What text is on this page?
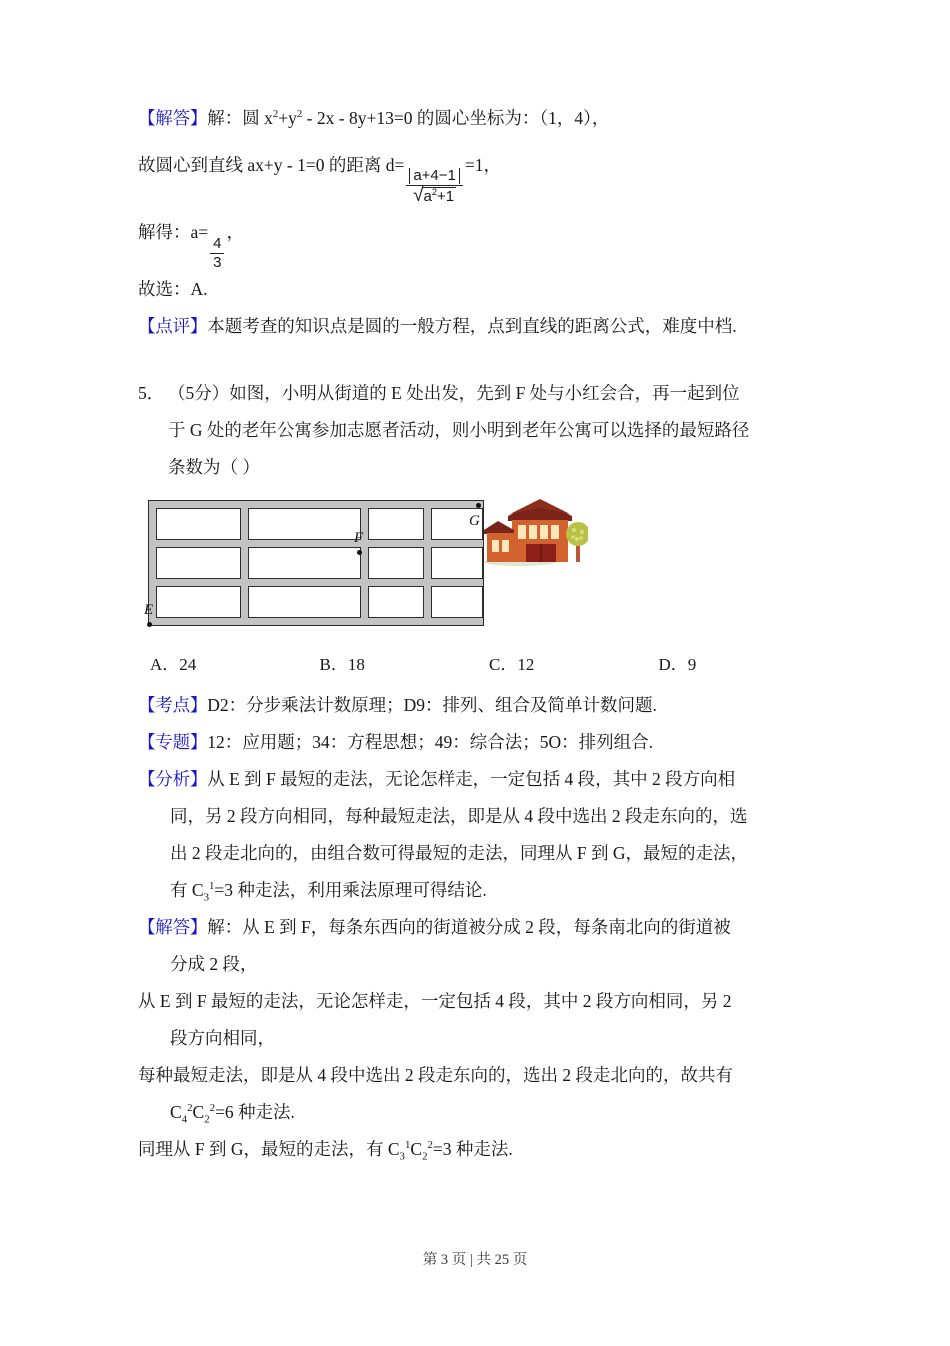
【解答】解：圆 $x^2+y^2 - 2x - 8y+13=0$ 的圆心坐标为：（1，4），
故圆心到直线 ax+y - 1=0 的距离 d=
$\frac{a+4-1}{√ a^2+1}$
=1，
解得：a=
$\frac{4}{3}$
，
故选：A.
【点评】本题考查的知识点是圆的一般方程，点到直线的距离公式，难度中档.
5． （5分）如图，小明从街道的 E 处出发，先到 F 处与小红会合，再一起到位
于 G 处的老年公寓参加志愿者活动，则小明到老年公寓可以选择的最短路径
条数为（ ）
E
F
G
A．24	B．18	C．12	D．9
【考点】D2：分步乘法计数原理；D9：排列、组合及简单计数问题.
【专题】12：应用题；34：方程思想；49：综合法；5O：排列组合.
【分析】从 E 到 F 最短的走法，无论怎样走，一定包括 4 段，其中 2 段方向相
同，另 2 段方向相同，每种最短走法，即是从 4 段中选出 2 段走东向的，选
出 2 段走北向的，由组合数可得最短的走法，同理从 F 到 G，最短的走法，
有 $C_3^1=3$ 种走法，利用乘法原理可得结论.
【解答】解：从 E 到 F，每条东西向的街道被分成 2 段，每条南北向的街道被
分成 2 段，
从 E 到 F 最短的走法，无论怎样走，一定包括 4 段，其中 2 段方向相同，另 2
段方向相同，
每种最短走法，即是从 4 段中选出 2 段走东向的，选出 2 段走北向的，故共有
$C_4^2C_2^2=6$ 种走法.
同理从 F 到 G，最短的走法，有 $C_3^1C_2^2=3$ 种走法.
第 3 页 | 共 25 页
